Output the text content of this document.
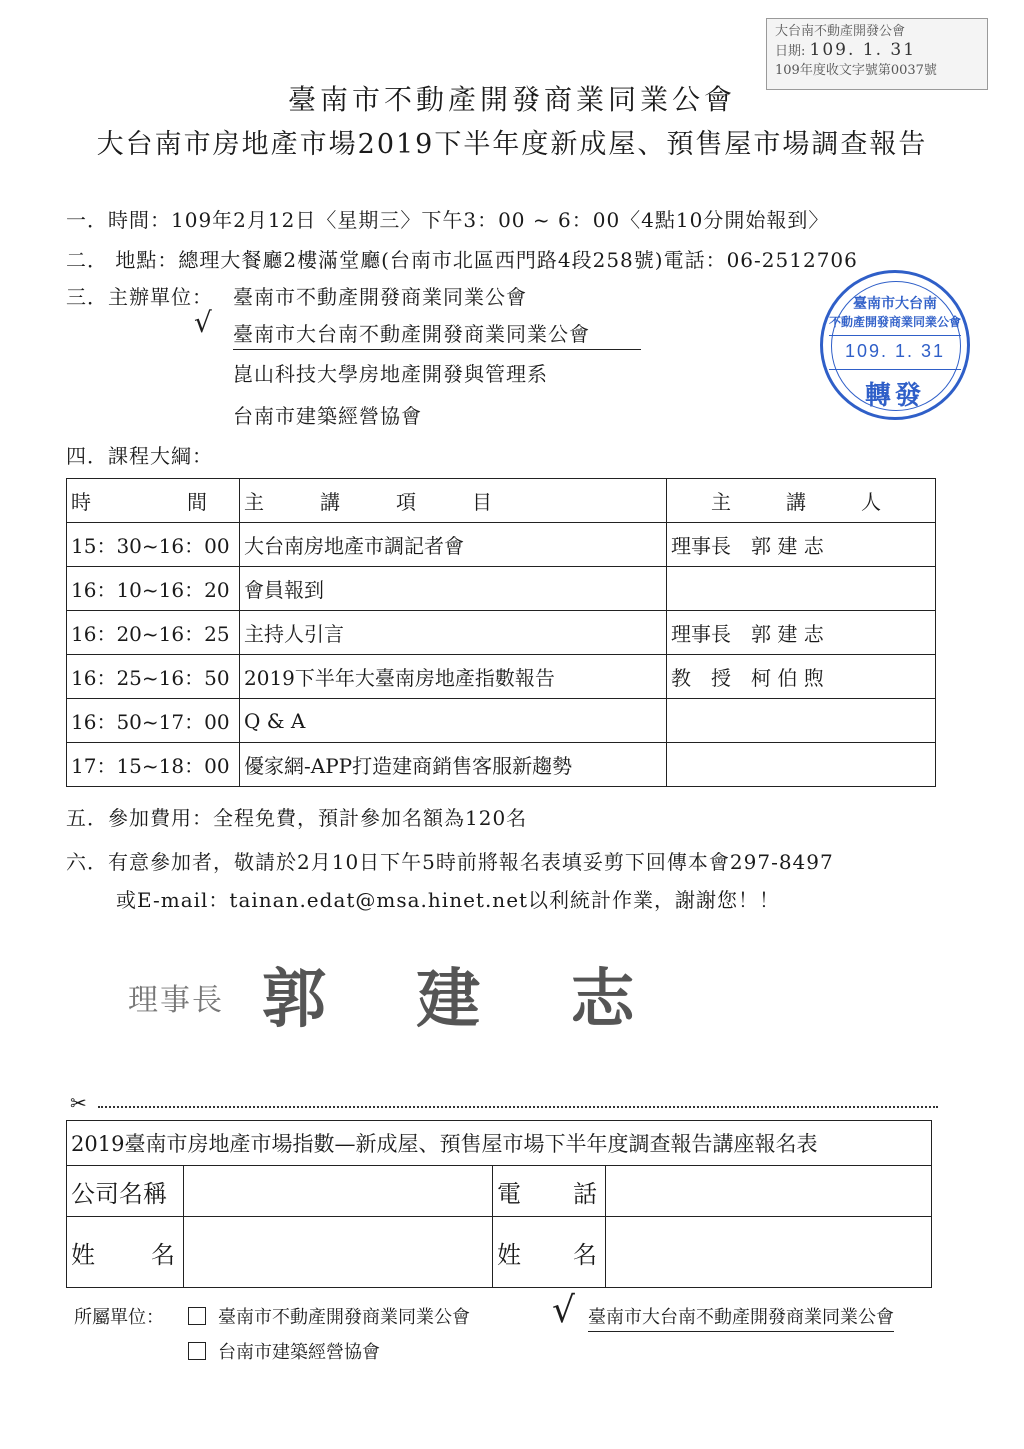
大台南不動產開發公會
日期: 109. 1. 31
109年度收文字號第0037號
臺南市不動產開發商業同業公會
大台南市房地產市場2019下半年度新成屋、預售屋市場調查報告
一．時間：109年2月12日〈星期三〉下午3：00 ~ 6：00〈4點10分開始報到〉
二． 地點：總理大餐廳2樓滿堂廳(台南市北區西門路4段258號)電話：06-2512706
三．主辦單位： 臺南市不動產開發商業同業公會
√ 臺南市大台南不動產開發商業同業公會
崑山科技大學房地產開發與管理系
台南市建築經營協會
四．課程大綱：
臺南市大台南
不動產開發商業同業公會
109. 1. 31
轉發
時 間	主 講 項 目	主 講 人

15：30~16：00	大台南房地產市調記者會	理事長　郭 建 志
16：10~16：20	會員報到	
16：20~16：25	主持人引言	理事長　郭 建 志
16：25~16：50	2019下半年大臺南房地產指數報告	教　授　柯 伯 煦
16：50~17：00	Q & A	
17：15~18：00	優家網-APP打造建商銷售客服新趨勢	
五．參加費用：全程免費，預計參加名額為120名
六．有意參加者，敬請於2月10日下午5時前將報名表填妥剪下回傳本會297-8497
或E-mail：tainan.edat@msa.hinet.net以利統計作業，謝謝您！！
理事長 郭 建 志
✂
2019臺南市房地產市場指數—新成屋、預售屋市場下半年度調查報告講座報名表			
公司名稱		電 話	

姓 名		姓 名	

所屬單位：	臺南市不動產開發商業同業公會 √ 臺南市大台南不動產開發商業同業公會
台南市建築經營協會
